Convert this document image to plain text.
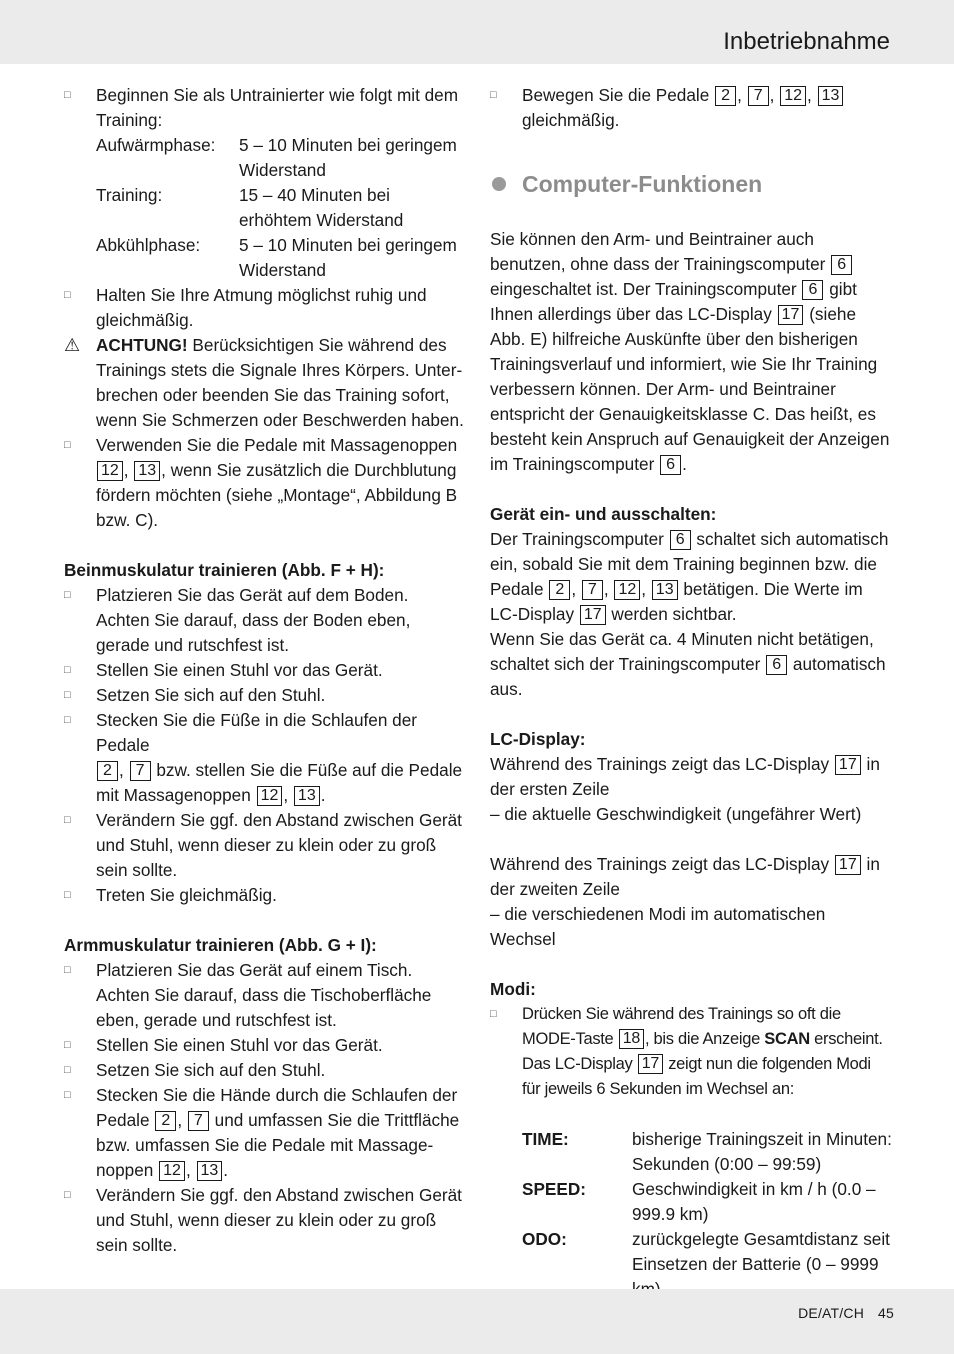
Inbetriebnahme
□ Beginnen Sie als Untrainierter wie folgt mit dem Training:
Aufwärmphase:	5 – 10 Minuten bei geringem Widerstand
Training:	15 – 40 Minuten bei erhöhtem Widerstand
Abkühlphase:	5 – 10 Minuten bei geringem Widerstand
□ Halten Sie Ihre Atmung möglichst ruhig und gleichmäßig.
⚠ ACHTUNG! Berücksichtigen Sie während des Trainings stets die Signale Ihres Körpers. Unterbrechen oder beenden Sie das Training sofort, wenn Sie Schmerzen oder Beschwerden haben.
□ Verwenden Sie die Pedale mit Massagenoppen
12 , 13 , wenn Sie zusätzlich die Durchblutung fördern möchten (siehe „Montage“, Abbildung B bzw. C).
Beinmuskulatur trainieren (Abb. F + H):
□ Platzieren Sie das Gerät auf dem Boden. Achten Sie darauf, dass der Boden eben, gerade und rutschfest ist.
□ Stellen Sie einen Stuhl vor das Gerät.
□ Setzen Sie sich auf den Stuhl.
□ Stecken Sie die Füße in die Schlaufen der Pedale
2 , 7 bzw. stellen Sie die Füße auf die Pedale mit Massagenoppen 12 , 13 .
□ Verändern Sie ggf. den Abstand zwischen Gerät und Stuhl, wenn dieser zu klein oder zu groß sein sollte.
□ Treten Sie gleichmäßig.
Armmuskulatur trainieren (Abb. G + I):
□ Platzieren Sie das Gerät auf einem Tisch. Achten Sie darauf, dass die Tischoberfläche eben, gerade und rutschfest ist.
□ Stellen Sie einen Stuhl vor das Gerät.
□ Setzen Sie sich auf den Stuhl.
□ Stecken Sie die Hände durch die Schlaufen der Pedale 2 , 7 und umfassen Sie die Trittfläche bzw. umfassen Sie die Pedale mit Massagenoppen 12 , 13 .
□ Verändern Sie ggf. den Abstand zwischen Gerät und Stuhl, wenn dieser zu klein oder zu groß sein sollte.
□ Bewegen Sie die Pedale 2 , 7 , 12 , 13
gleichmäßig.
Computer-Funktionen
Sie können den Arm- und Beintrainer auch benutzen, ohne dass der Trainingscomputer 6 eingeschaltet ist. Der Trainingscomputer 6 gibt Ihnen allerdings über das LC-Display 17 (siehe Abb. E) hilfreiche Auskünfte über den bisherigen Trainingsverlauf und informiert, wie Sie Ihr Training verbessern können. Der Arm- und Beintrainer entspricht der Genauigkeitsklasse C. Das heißt, es besteht kein Anspruch auf Genauigkeit der Anzeigen im Trainingscomputer 6 .
Gerät ein- und ausschalten:
Der Trainingscomputer 6 schaltet sich automatisch ein, sobald Sie mit dem Training beginnen bzw. die Pedale 2 , 7 , 12 , 13 betätigen. Die Werte im LC-Display 17 werden sichtbar.
Wenn Sie das Gerät ca. 4 Minuten nicht betätigen, schaltet sich der Trainingscomputer 6 automatisch aus.
LC-Display:
Während des Trainings zeigt das LC-Display 17 in der ersten Zeile
– die aktuelle Geschwindigkeit (ungefährer Wert)
Während des Trainings zeigt das LC-Display 17 in der zweiten Zeile
– die verschiedenen Modi im automatischen Wechsel
Modi:
□ Drücken Sie während des Trainings so oft die MODE-Taste 18 , bis die Anzeige SCAN erscheint. Das LC-Display 17 zeigt nun die folgenden Modi für jeweils 6 Sekunden im Wechsel an:
TIME:	bisherige Trainingszeit in Minuten: Sekunden (0:00 – 99:59)
SPEED:	Geschwindigkeit in km / h (0.0 – 999.9 km)
ODO:	zurückgelegte Gesamtdistanz seit Einsetzen der Batterie (0 – 9999
DE/AT/CH 45
